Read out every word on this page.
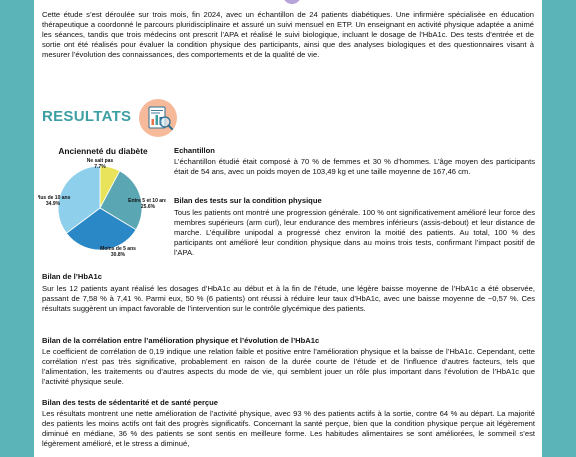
Cette étude s’est déroulée sur trois mois, fin 2024, avec un échantillon de 24 patients diabétiques. Une infirmière spécialisée en éducation thérapeutique a coordonné le parcours pluridisciplinaire et assuré un suivi mensuel en ETP. Un enseignant en activité physique adaptée a animé les séances, tandis que trois médecins ont prescrit l’APA et réalisé le suivi biologique, incluant le dosage de l’HbA1c. Des tests d’entrée et de sortie ont été réalisés pour évaluer la condition physique des participants, ainsi que des analyses biologiques et des questionnaires visant à mesurer l’évolution des connaissances, des comportements et de la qualité de vie.

RESULTATS
Ancienneté du diabète
Ne sait pas
7.7%
Entre 5 et 10 ans
25.6%
Moins de 5 ans
30.8%
Plus de 10 ans
34.9%

Echantillon

L’échantillon étudié était composé à 70 % de femmes et 30 % d’hommes. L’âge moyen des participants était de 54 ans, avec un poids moyen de 103,49 kg et une taille moyenne de 167,46 cm.

Bilan des tests sur la condition physique

Tous les patients ont montré une progression générale. 100 % ont significativement amélioré leur force des membres supérieurs (arm curl), leur endurance des membres inférieurs (assis-debout) et leur distance de marche. L’équilibre unipodal a progressé chez environ la moitié des patients. Au total, 100 % des participants ont amélioré leur condition physique dans au moins trois tests, confirmant l’impact positif de l’APA.

Bilan de l’HbA1c

Sur les 12 patients ayant réalisé les dosages d’HbA1c au début et à la fin de l’étude, une légère baisse moyenne de l’HbA1c a été observée, passant de 7,58 % à 7,41 %. Parmi eux, 50 % (6 patients) ont réussi à réduire leur taux d’HbA1c, avec une baisse moyenne de −0,57 %. Ces résultats suggèrent un impact favorable de l’intervention sur le contrôle glycémique des patients.

Bilan de la corrélation entre l’amélioration physique et l’évolution de l’HbA1c

Le coefficient de corrélation de 0,19 indique une relation faible et positive entre l’amélioration physique et la baisse de l’HbA1c. Cependant, cette corrélation n’est pas très significative, probablement en raison de la durée courte de l’étude et de l’influence d’autres facteurs, tels que l’alimentation, les traitements ou d’autres aspects du mode de vie, qui semblent jouer un rôle plus important dans l’évolution de l’HbA1c que l’activité physique seule.

Bilan des tests de sédentarité et de santé perçue

Les résultats montrent une nette amélioration de l’activité physique, avec 93 % des patients actifs à la sortie, contre 64 % au départ. La majorité des patients les moins actifs ont fait des progrès significatifs. Concernant la santé perçue, bien que la condition physique perçue ait légèrement diminué en médiane, 36 % des patients se sont sentis en meilleure forme. Les habitudes alimentaires se sont améliorées, le sommeil s’est légèrement amélioré, et le stress a diminué,
